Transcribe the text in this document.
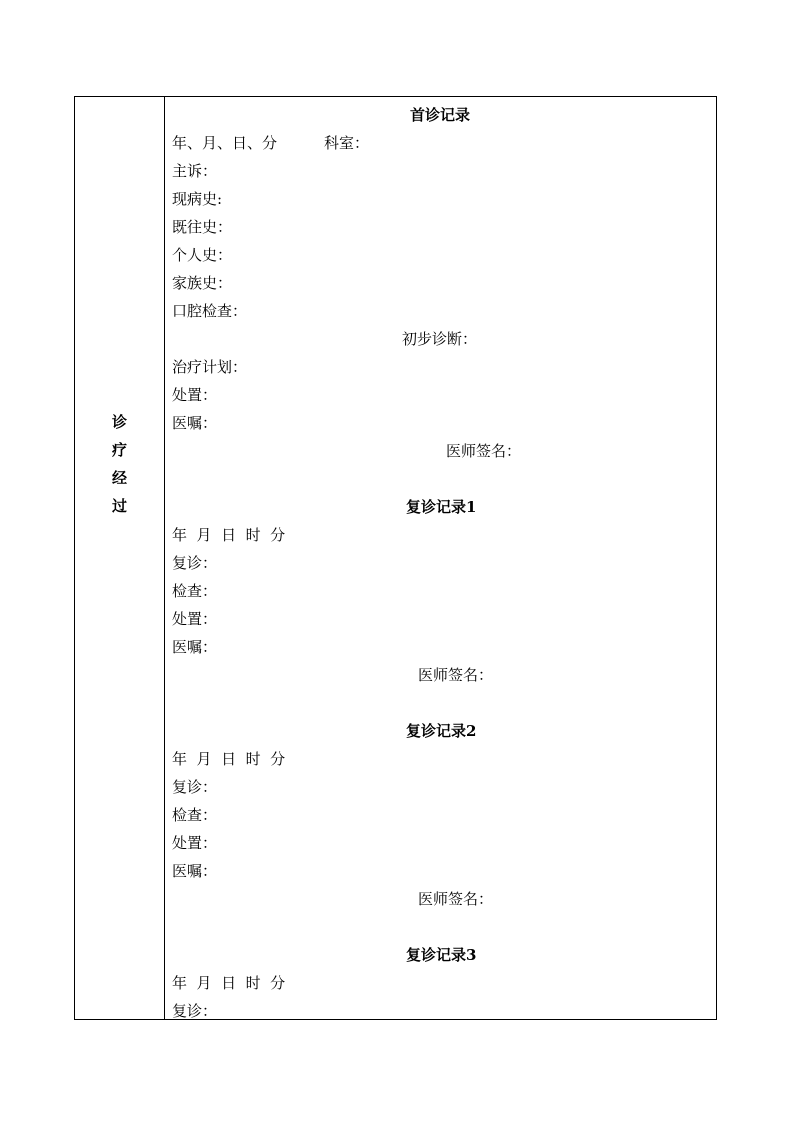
诊
疗
经
过
首诊记录
年、月、日、分	科室：
主诉：
现病史:
既往史：
个人史：
家族史：
口腔检查：
初步诊断：
治疗计划：
处置：
医嘱：
医师签名：
复诊记录1
年  月  日  时  分
复诊：
检查：
处置：
医嘱：
医师签名：
复诊记录2
年  月  日  时  分
复诊：
检查：
处置：
医嘱：
医师签名：
复诊记录3
年  月  日  时  分
复诊：
